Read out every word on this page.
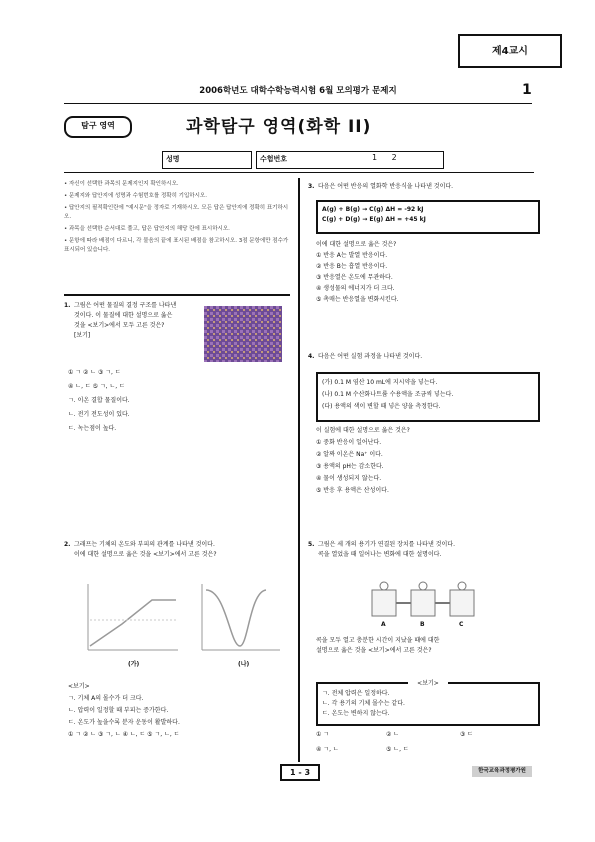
제4교시
2006학년도 대학수학능력시험 6월 모의평가 문제지	1
탐구 영역	과학탐구 영역(화학 II)
성명	수험번호	1 2
• 자신이 선택한 과목의 문제지인지 확인하시오.
• 문제지와 답안지에 성명과 수험번호를 정확히 기입하시오.
• 답안지의 필적확인란에 "예시문"을 정자로 기재하시오. 모든 답은 답안지에 정확히 표기하시오.
• 과목을 선택한 순서대로 풀고, 답은 답안지의 해당 란에 표시하시오.
• 문항에 따라 배점이 다르니, 각 물음의 끝에 표시된 배점을 참고하시오. 3점 문항에만 점수가 표시되어 있습니다.
1. 그림은 어떤 물질의 결정 구조를 나타낸
것이다. 이 물질에 대한 설명으로 옳은
것을 <보기>에서 모두 고른 것은?
[보기]
① ㄱ ② ㄴ ③ ㄱ, ㄷ
④ ㄴ, ㄷ ⑤ ㄱ, ㄴ, ㄷ
ㄱ. 이온 결합 물질이다.
ㄴ. 전기 전도성이 있다.
ㄷ. 녹는점이 높다.
2. 그래프는 기체의 온도와 부피의 관계를 나타낸 것이다.
이에 대한 설명으로 옳은 것을 <보기>에서 고른 것은?
(가)	(나)
<보기>
ㄱ. 기체 A의 몰수가 더 크다.
ㄴ. 압력이 일정할 때 부피는 증가한다.
ㄷ. 온도가 높을수록 분자 운동이 활발하다.
① ㄱ ② ㄴ ③ ㄱ, ㄴ ④ ㄴ, ㄷ ⑤ ㄱ, ㄴ, ㄷ
3. 다음은 어떤 반응의 열화학 반응식을 나타낸 것이다.
A(g) + B(g) → C(g) ΔH = -92 kJ
C(g) + D(g) → E(g) ΔH = +45 kJ
이에 대한 설명으로 옳은 것은?
① 반응 A는 발열 반응이다.
② 반응 B는 흡열 반응이다.
③ 반응열은 온도에 무관하다.
④ 생성물의 에너지가 더 크다.
⑤ 촉매는 반응열을 변화시킨다.
4. 다음은 어떤 실험 과정을 나타낸 것이다.
(가) 0.1 M 염산 10 mL에 지시약을 넣는다.
(나) 0.1 M 수산화나트륨 수용액을 조금씩 넣는다.
(다) 용액의 색이 변할 때 넣은 양을 측정한다.
이 실험에 대한 설명으로 옳은 것은?
① 중화 반응이 일어난다.
② 알짜 이온은 Na⁺ 이다.
③ 용액의 pH는 감소한다.
④ 물이 생성되지 않는다.
⑤ 반응 후 용액은 산성이다.
5. 그림은 세 개의 용기가 연결된 장치를 나타낸 것이다.
콕을 열었을 때 일어나는 변화에 대한 설명이다.
A	B	C
콕을 모두 열고 충분한 시간이 지났을 때에 대한
설명으로 옳은 것을 <보기>에서 고른 것은?
<보기>
ㄱ. 전체 압력은 일정하다.
ㄴ. 각 용기의 기체 몰수는 같다.
ㄷ. 온도는 변하지 않는다.
① ㄱ	② ㄴ	③ ㄷ
④ ㄱ, ㄴ	⑤ ㄴ, ㄷ
1 - 3	한국교육과정평가원
